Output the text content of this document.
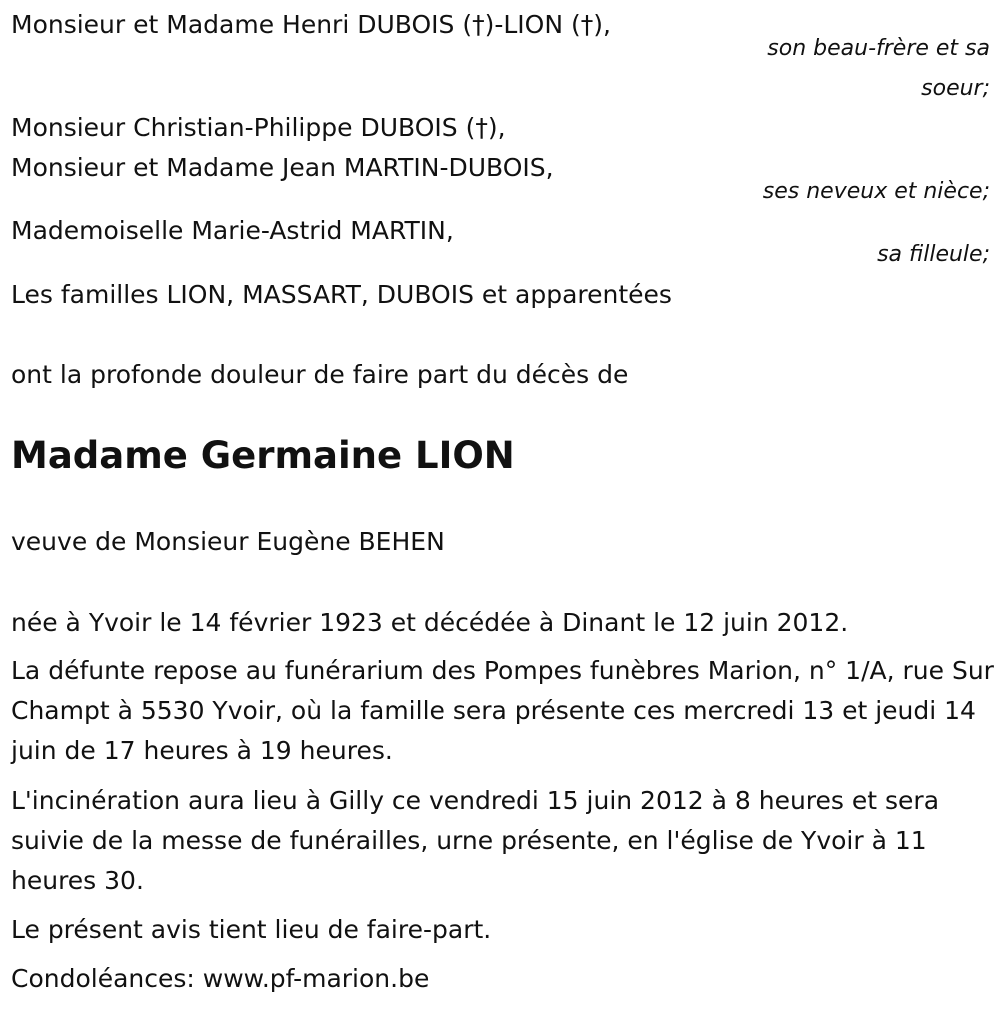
Monsieur et Madame Henri DUBOIS (†)-LION (†),
son beau-frère et sa
soeur;
Monsieur Christian-Philippe DUBOIS (†),
Monsieur et Madame Jean MARTIN-DUBOIS,
ses neveux et nièce;
Mademoiselle Marie-Astrid MARTIN,
sa filleule;
Les familles LION, MASSART, DUBOIS et apparentées
ont la profonde douleur de faire part du décès de
Madame Germaine LION
veuve de Monsieur Eugène BEHEN
née à Yvoir le 14 février 1923 et décédée à Dinant le 12 juin 2012.
La défunte repose au funérarium des Pompes funèbres Marion, n° 1/A, rue Sur Champt à 5530 Yvoir, où la famille sera présente ces mercredi 13 et jeudi 14 juin de 17 heures à 19 heures.
L'incinération aura lieu à Gilly ce vendredi 15 juin 2012 à 8 heures et sera suivie de la messe de funérailles, urne présente, en l'église de Yvoir à 11 heures 30.
Le présent avis tient lieu de faire-part.
Condoléances: www.pf-marion.be
